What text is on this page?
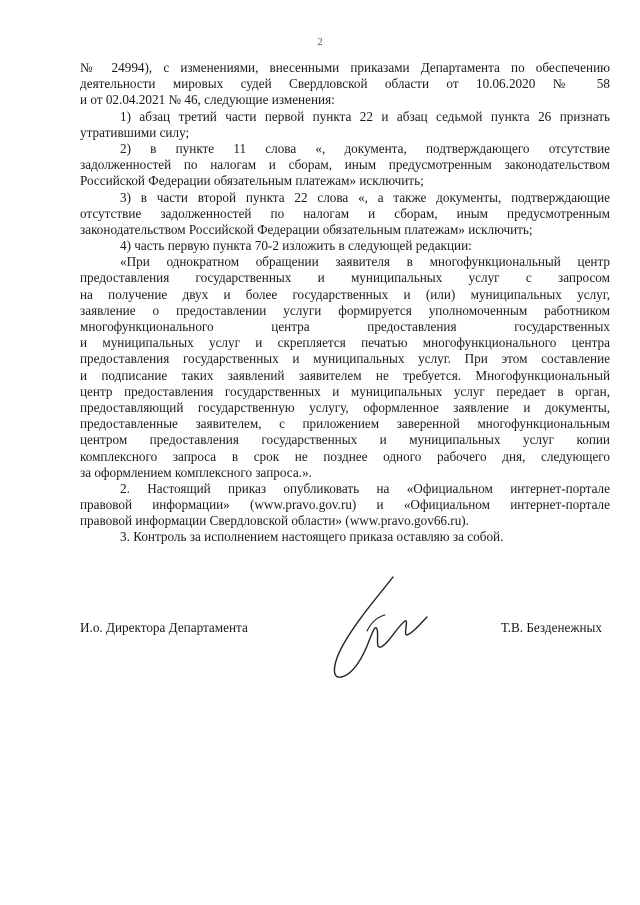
2
№ 24994), с изменениями, внесенными приказами Департамента по обеспечению
деятельности мировых судей Свердловской области от 10.06.2020 № 58
и от 02.04.2021 № 46, следующие изменения:
1) абзац третий части первой пункта 22 и абзац седьмой пункта 26 признать
утратившими силу;
2) в пункте 11 слова «, документа, подтверждающего отсутствие
задолженностей по налогам и сборам, иным предусмотренным законодательством
Российской Федерации обязательным платежам» исключить;
3) в части второй пункта 22 слова «, а также документы, подтверждающие
отсутствие задолженностей по налогам и сборам, иным предусмотренным
законодательством Российской Федерации обязательным платежам» исключить;
4) часть первую пункта 70-2 изложить в следующей редакции:
«При однократном обращении заявителя в многофункциональный центр
предоставления государственных и муниципальных услуг с запросом
на получение двух и более государственных и (или) муниципальных услуг,
заявление о предоставлении услуги формируется уполномоченным работником
многофункционального центра предоставления государственных
и муниципальных услуг и скрепляется печатью многофункционального центра
предоставления государственных и муниципальных услуг. При этом составление
и подписание таких заявлений заявителем не требуется. Многофункциональный
центр предоставления государственных и муниципальных услуг передает в орган,
предоставляющий государственную услугу, оформленное заявление и документы,
предоставленные заявителем, с приложением заверенной многофункциональным
центром предоставления государственных и муниципальных услуг копии
комплексного запроса в срок не позднее одного рабочего дня, следующего
за оформлением комплексного запроса.».
2. Настоящий приказ опубликовать на «Официальном интернет-портале
правовой информации» (www.pravo.gov.ru) и «Официальном интернет-портале
правовой информации Свердловской области» (www.pravo.gov66.ru).
3. Контроль за исполнением настоящего приказа оставляю за собой.
И.о. Директора Департамента	Т.В. Безденежных
